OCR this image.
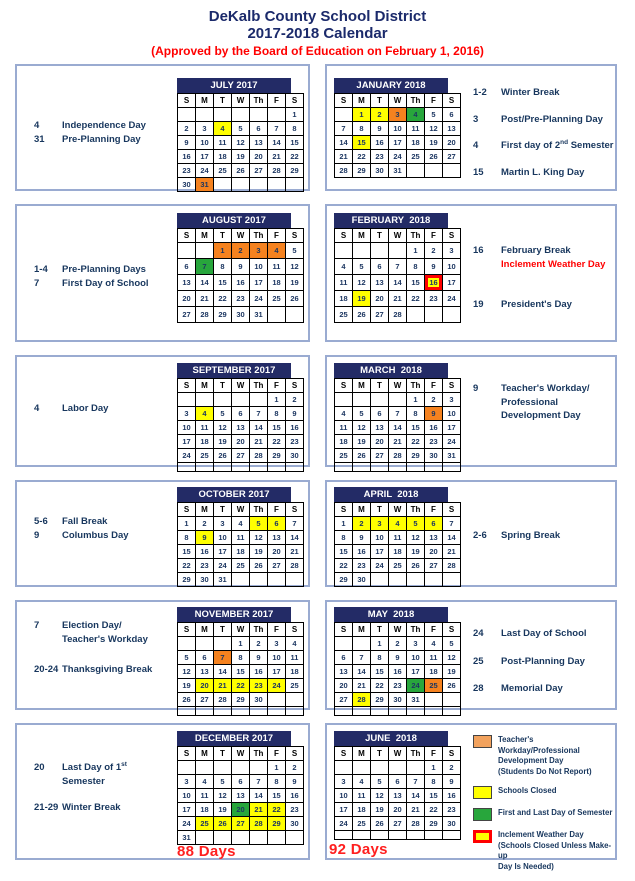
DeKalb County School District
2017-2018 Calendar
(Approved by the Board of Education on February 1, 2016)
4	Independence Day
31	Pre-Planning Day
JULY 2017
S	M	T	W	Th	F	S
						1
2	3	4	5	6	7	8
9	10	11	12	13	14	15
16	17	18	19	20	21	22
23	24	25	26	27	28	29
30	31					
JANUARY 2018
S	M	T	W	Th	F	S
	1	2	3	4	5	6
7	8	9	10	11	12	13
14	15	16	17	18	19	20
21	22	23	24	25	26	27
28	29	30	31			
1-2	Winter Break
3	Post/Pre-Planning Day
4	First day of 2nd Semester
15	Martin L. King Day
1-4	Pre-Planning Days
7	First Day of School
AUGUST 2017
S	M	T	W	Th	F	S
		1	2	3	4	5
6	7	8	9	10	11	12
13	14	15	16	17	18	19
20	21	22	23	24	25	26
27	28	29	30	31		
FEBRUARY  2018
S	M	T	W	Th	F	S
				1	2	3
4	5	6	7	8	9	10
11	12	13	14	15	16	17
18	19	20	21	22	23	24
25	26	27	28			
16	February Break
Inclement Weather Day
19	President's Day
4	Labor Day
SEPTEMBER 2017
S	M	T	W	Th	F	S
					1	2
3	4	5	6	7	8	9
10	11	12	13	14	15	16
17	18	19	20	21	22	23
24	25	26	27	28	29	30

MARCH  2018
S	M	T	W	Th	F	S
				1	2	3
4	5	6	7	8	9	10
11	12	13	14	15	16	17
18	19	20	21	22	23	24
25	26	27	28	29	30	31

9	Teacher's Workday/
Professional
Development Day
5-6	Fall Break
9	Columbus Day
OCTOBER 2017
S	M	T	W	Th	F	S
1	2	3	4	5	6	7
8	9	10	11	12	13	14
15	16	17	18	19	20	21
22	23	24	25	26	27	28
29	30	31				
APRIL  2018
S	M	T	W	Th	F	S
1	2	3	4	5	6	7
8	9	10	11	12	13	14
15	16	17	18	19	20	21
22	23	24	25	26	27	28
29	30					
2-6	Spring Break
7	Election Day/
Teacher's Workday
20-24 Thanksgiving Break
NOVEMBER 2017
S	M	T	W	Th	F	S
			1	2	3	4
5	6	7	8	9	10	11
12	13	14	15	16	17	18
19	20	21	22	23	24	25
26	27	28	29	30		

MAY  2018
S	M	T	W	Th	F	S
		1	2	3	4	5
6	7	8	9	10	11	12
13	14	15	16	17	18	19
20	21	22	23	24	25	26
27	28	29	30	31		

24	Last Day of School
25	Post-Planning Day
28	Memorial Day
20	Last Day of 1st
Semester
21-29 Winter Break
DECEMBER 2017
S	M	T	W	Th	F	S
					1	2
3	4	5	6	7	8	9
10	11	12	13	14	15	16
17	18	19	20	21	22	23
24	25	26	27	28	29	30
31						
88 Days
JUNE  2018
S	M	T	W	Th	F	S
					1	2
3	4	5	6	7	8	9
10	11	12	13	14	15	16
17	18	19	20	21	22	23
24	25	26	27	28	29	30

Teacher's Workday/Professional
Development Day
(Students Do Not Report)
Schools Closed
First and Last Day of Semester
Inclement Weather Day
(Schools Closed Unless Make-up
Day Is Needed)
92 Days
